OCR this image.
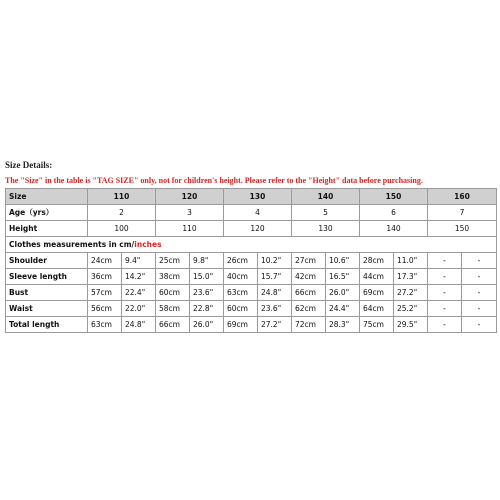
Size Details:
The "Size" in the table is "TAG SIZE" only, not for children's height. Please refer to the "Height" data before purchasing.
Size	110		120		130		140		150		160	
Age（yrs）	2		3		4		5		6		7	
Height	100		110		120		130		140		150	
Clothes measurements in cm/inches												
Shoulder	24cm	9.4"	25cm	9.8"	26cm	10.2"	27cm	10.6"	28cm	11.0"	-	-
Sleeve length	36cm	14.2"	38cm	15.0"	40cm	15.7"	42cm	16.5"	44cm	17.3"	-	-
Bust	57cm	22.4"	60cm	23.6"	63cm	24.8"	66cm	26.0"	69cm	27.2"	-	-
Waist	56cm	22.0"	58cm	22.8"	60cm	23.6"	62cm	24.4"	64cm	25.2"	-	-
Total length	63cm	24.8"	66cm	26.0"	69cm	27.2"	72cm	28.3"	75cm	29.5"	-	-
